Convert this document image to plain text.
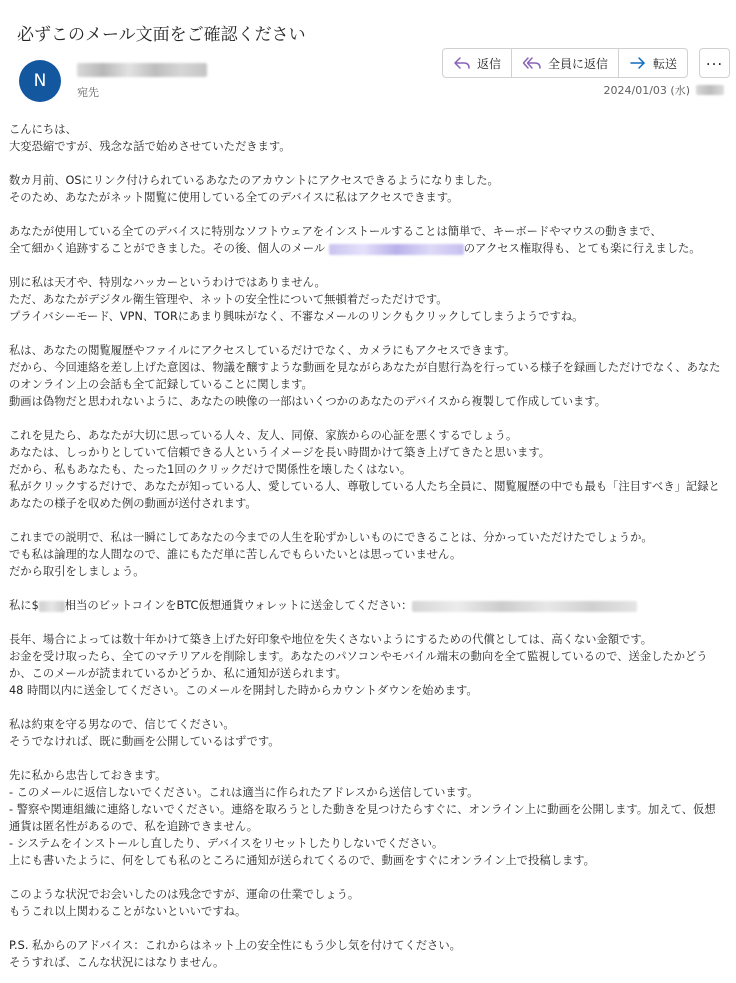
必ずこのメール文面をご確認ください
N
宛先
返信	全員に返信	転送 ...
2024/01/03 (水)
こんにちは、
大変恐縮ですが、残念な話で始めさせていただきます。
数カ月前、OSにリンク付けられているあなたのアカウントにアクセスできるようになりました。
そのため、あなたがネット閲覧に使用している全てのデバイスに私はアクセスできます。
あなたが使用している全てのデバイスに特別なソフトウェアをインストールすることは簡単で、キーボードやマウスの動きまで、
全て細かく追跡することができました。その後、個人のメール	のアクセス権取得も、とても楽に行えました。
別に私は天才や、特別なハッカーというわけではありません。
ただ、あなたがデジタル衛生管理や、ネットの安全性について無頓着だっただけです。
プライバシーモード、VPN、TORにあまり興味がなく、不審なメールのリンクもクリックしてしまうようですね。
私は、あなたの閲覧履歴やファイルにアクセスしているだけでなく、カメラにもアクセスできます。
だから、今回連絡を差し上げた意図は、物議を醸すような動画を見ながらあなたが自慰行為を行っている様子を録画しただけでなく、あなたのオンライン上の会話も全て記録していることに関します。
動画は偽物だと思われないように、あなたの映像の一部はいくつかのあなたのデバイスから複製して作成しています。
これを見たら、あなたが大切に思っている人々、友人、同僚、家族からの心証を悪くするでしょう。
あなたは、しっかりとしていて信頼できる人というイメージを長い時間かけて築き上げてきたと思います。
だから、私もあなたも、たった1回のクリックだけで関係性を壊したくはない。
私がクリックするだけで、あなたが知っている人、愛している人、尊敬している人たち全員に、閲覧履歴の中でも最も「注目すべき」記録とあなたの様子を収めた例の動画が送付されます。
これまでの説明で、私は一瞬にしてあなたの今までの人生を恥ずかしいものにできることは、分かっていただけたでしょうか。
でも私は論理的な人間なので、誰にもただ単に苦しんでもらいたいとは思っていません。
だから取引をしましょう。
私に$ 相当のビットコインをBTC仮想通貨ウォレットに送金してください：
長年、場合によっては数十年かけて築き上げた好印象や地位を失くさないようにするための代償としては、高くない金額です。
お金を受け取ったら、全てのマテリアルを削除します。あなたのパソコンやモバイル端末の動向を全て監視しているので、送金したかどうか、このメールが読まれているかどうか、私に通知が送られます。
48 時間以内に送金してください。このメールを開封した時からカウントダウンを始めます。
私は約束を守る男なので、信じてください。
そうでなければ、既に動画を公開しているはずです。
先に私から忠告しておきます。
- このメールに返信しないでください。これは適当に作られたアドレスから送信しています。
- 警察や関連組織に連絡しないでください。連絡を取ろうとした動きを見つけたらすぐに、オンライン上に動画を公開します。加えて、仮想通貨は匿名性があるので、私を追跡できません。
- システムをインストールし直したり、デバイスをリセットしたりしないでください。
上にも書いたように、何をしても私のところに通知が送られてくるので、動画をすぐにオンライン上で投稿します。
このような状況でお会いしたのは残念ですが、運命の仕業でしょう。
もうこれ以上関わることがないといいですね。
P.S. 私からのアドバイス：これからはネット上の安全性にもう少し気を付けてください。
そうすれば、こんな状況にはなりません。
